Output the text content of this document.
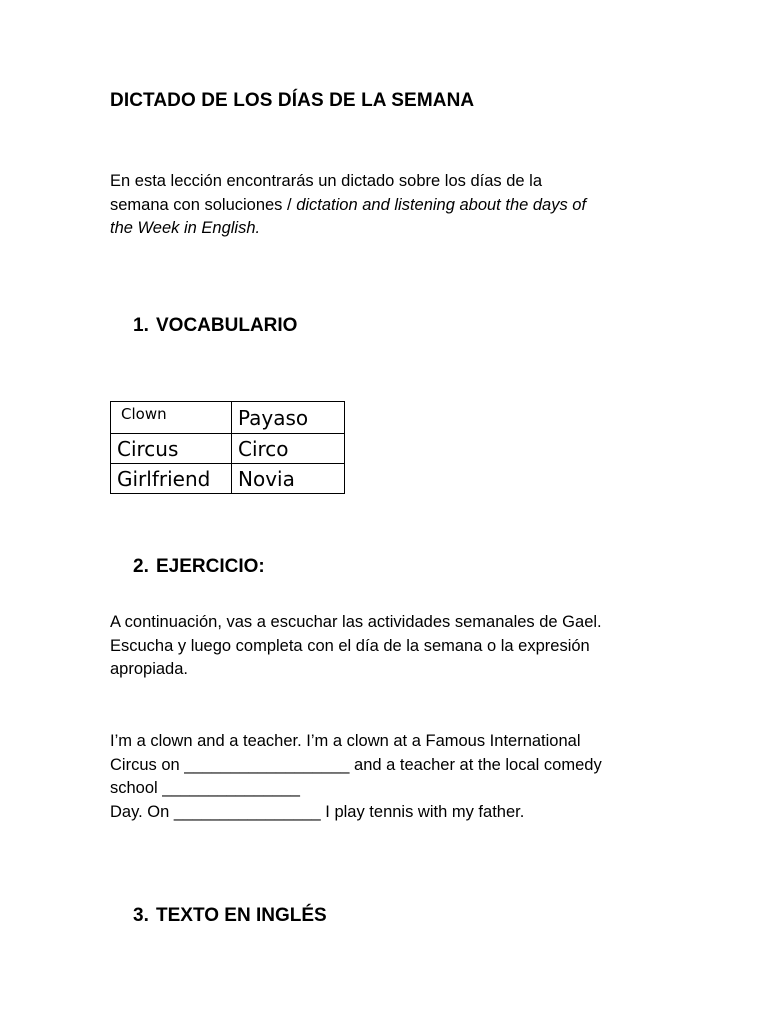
DICTADO DE LOS DÍAS DE LA SEMANA
En esta lección encontrarás un dictado sobre los días de la
semana con soluciones / dictation and listening about the days of
the Week in English.
1. VOCABULARIO
Clown	Payaso
Circus	Circo
Girlfriend	Novia
2. EJERCICIO:
A continuación, vas a escuchar las actividades semanales de Gael.
Escucha y luego completa con el día de la semana o la expresión
apropiada.
I’m a clown and a teacher. I’m a clown at a Famous International
Circus on __________________ and a teacher at the local comedy
school _______________
Day. On ________________ I play tennis with my father.
3. TEXTO EN INGLÉS
